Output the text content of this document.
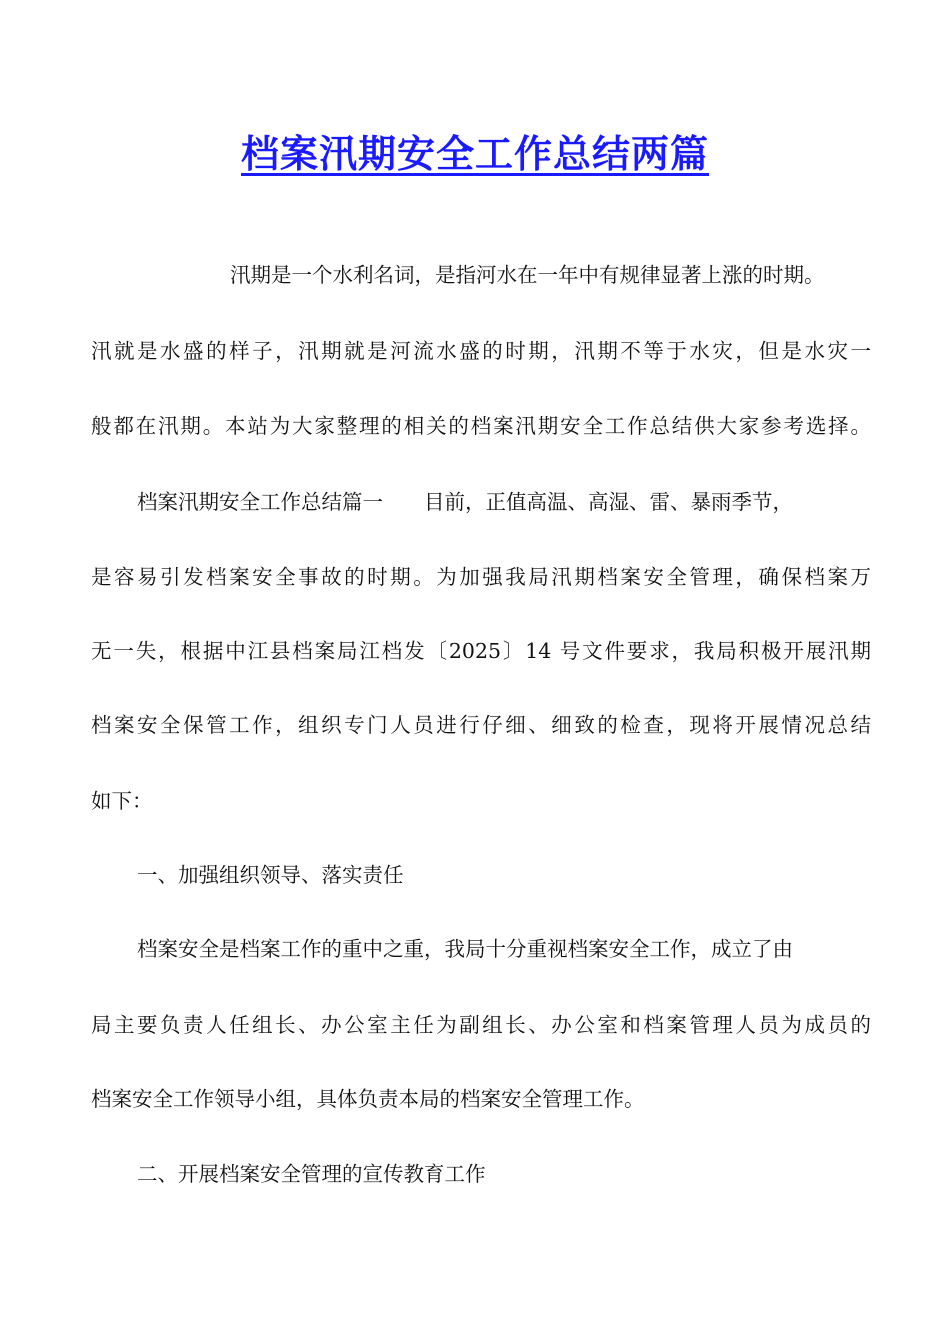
档案汛期安全工作总结两篇
汛期是一个水利名词，是指河水在一年中有规律显著上涨的时期。
汛就是水盛的样子，汛期就是河流水盛的时期，汛期不等于水灾，但是水灾一
般都在汛期。本站为大家整理的相关的档案汛期安全工作总结供大家参考选择。
档案汛期安全工作总结篇一　　目前，正值高温、高湿、雷、暴雨季节，
是容易引发档案安全事故的时期。为加强我局汛期档案安全管理，确保档案万
无一失，根据中江县档案局江档发〔2025〕14 号文件要求，我局积极开展汛期
档案安全保管工作，组织专门人员进行仔细、细致的检查，现将开展情况总结
如下：
一、加强组织领导、落实责任
档案安全是档案工作的重中之重，我局十分重视档案安全工作，成立了由
局主要负责人任组长、办公室主任为副组长、办公室和档案管理人员为成员的
档案安全工作领导小组，具体负责本局的档案安全管理工作。
二、开展档案安全管理的宣传教育工作
